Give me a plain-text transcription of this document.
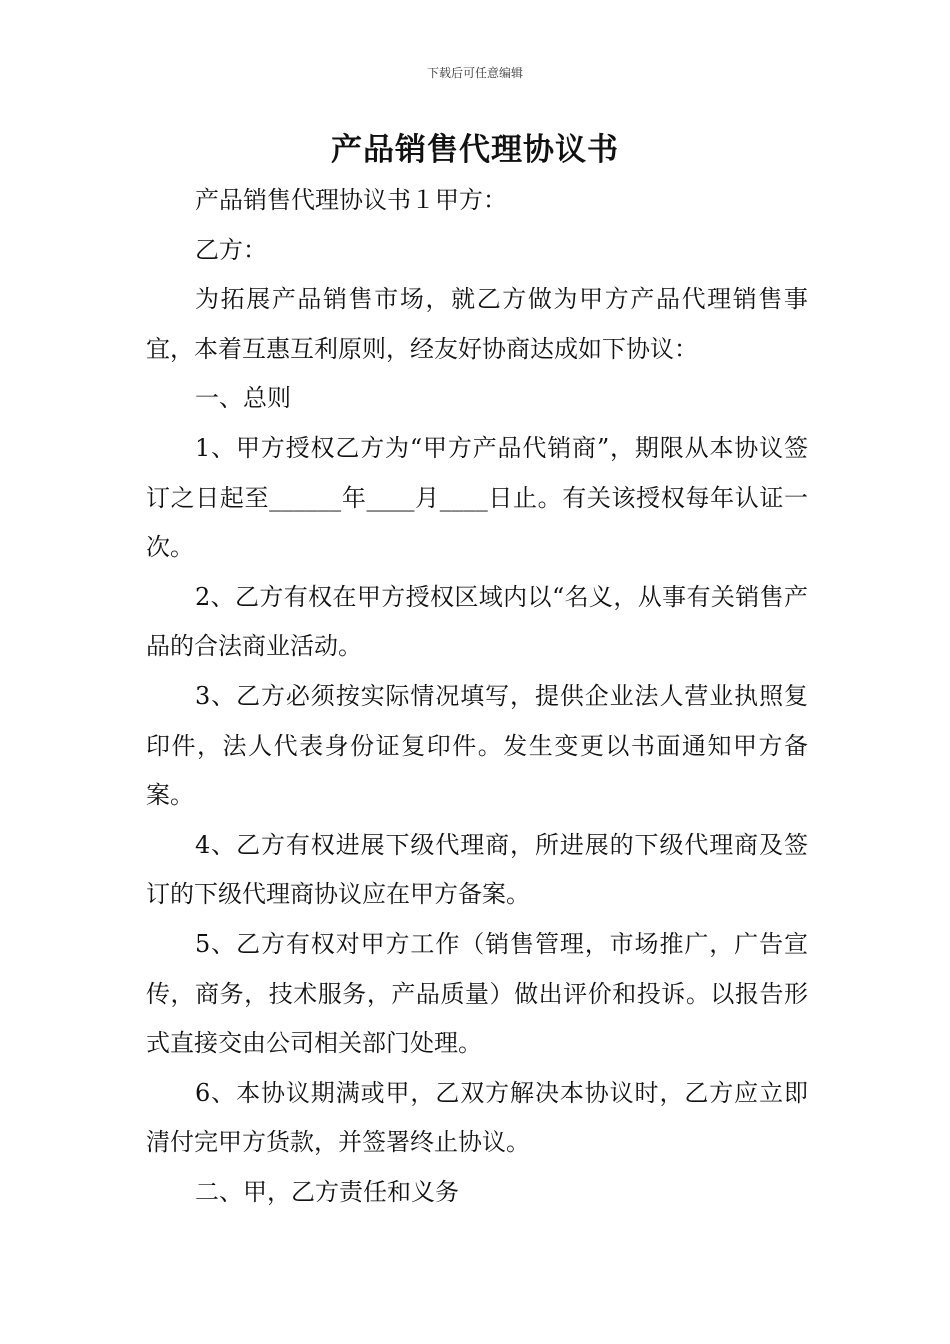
下载后可任意编辑
产品销售代理协议书

产品销售代理协议书１甲方：

乙方：

为拓展产品销售市场，就乙方做为甲方产品代理销售事宜，本着互惠互利原则，经友好协商达成如下协议：

一、总则

1、甲方授权乙方为“甲方产品代销商”，期限从本协议签订之日起至______年____月____日止。有关该授权每年认证一次。

2、乙方有权在甲方授权区域内以“名义，从事有关销售产品的合法商业活动。

3、乙方必须按实际情况填写，提供企业法人营业执照复印件，法人代表身份证复印件。发生变更以书面通知甲方备案。

4、乙方有权进展下级代理商，所进展的下级代理商及签订的下级代理商协议应在甲方备案。

5、乙方有权对甲方工作（销售管理，市场推广，广告宣传，商务，技术服务，产品质量）做出评价和投诉。以报告形式直接交由公司相关部门处理。

6、本协议期满或甲，乙双方解决本协议时，乙方应立即清付完甲方货款，并签署终止协议。

二、甲，乙方责任和义务
